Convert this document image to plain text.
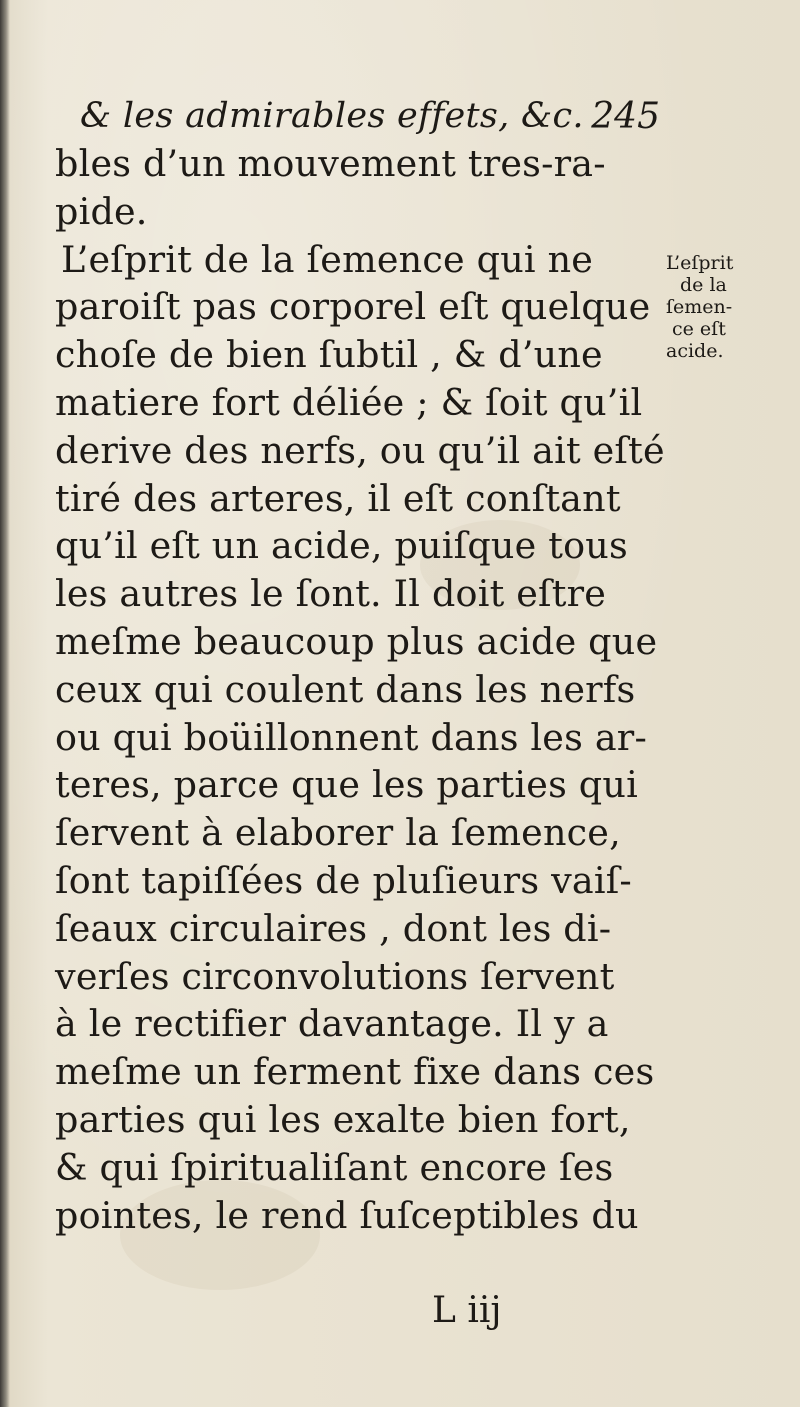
& les admirables effets, &c. 245
bles d’un mouvement tres-ra-
pide.
L’eſprit de la ſemence qui ne
paroiſt pas corporel eſt quelque
choſe de bien ſubtil , & d’une
matiere fort déliée ; & ſoit qu’il
derive des nerfs, ou qu’il ait eſté
tiré des arteres, il eſt conſtant
qu’il eſt un acide, puiſque tous
les autres le ſont. Il doit eſtre
meſme beaucoup plus acide que
ceux qui coulent dans les nerfs
ou qui boüillonnent dans les ar-
teres, parce que les parties qui
ſervent à elaborer la ſemence,
ſont tapiſſées de pluſieurs vaiſ-
ſeaux circulaires , dont les di-
verſes circonvolutions ſervent
à le rectifier davantage. Il y a
meſme un ferment fixe dans ces
parties qui les exalte bien fort,
& qui ſpiritualiſant encore ſes
pointes, le rend ſuſceptibles du
L’eſprit
de la
ſemen-
ce eſt
acide.
L iij
